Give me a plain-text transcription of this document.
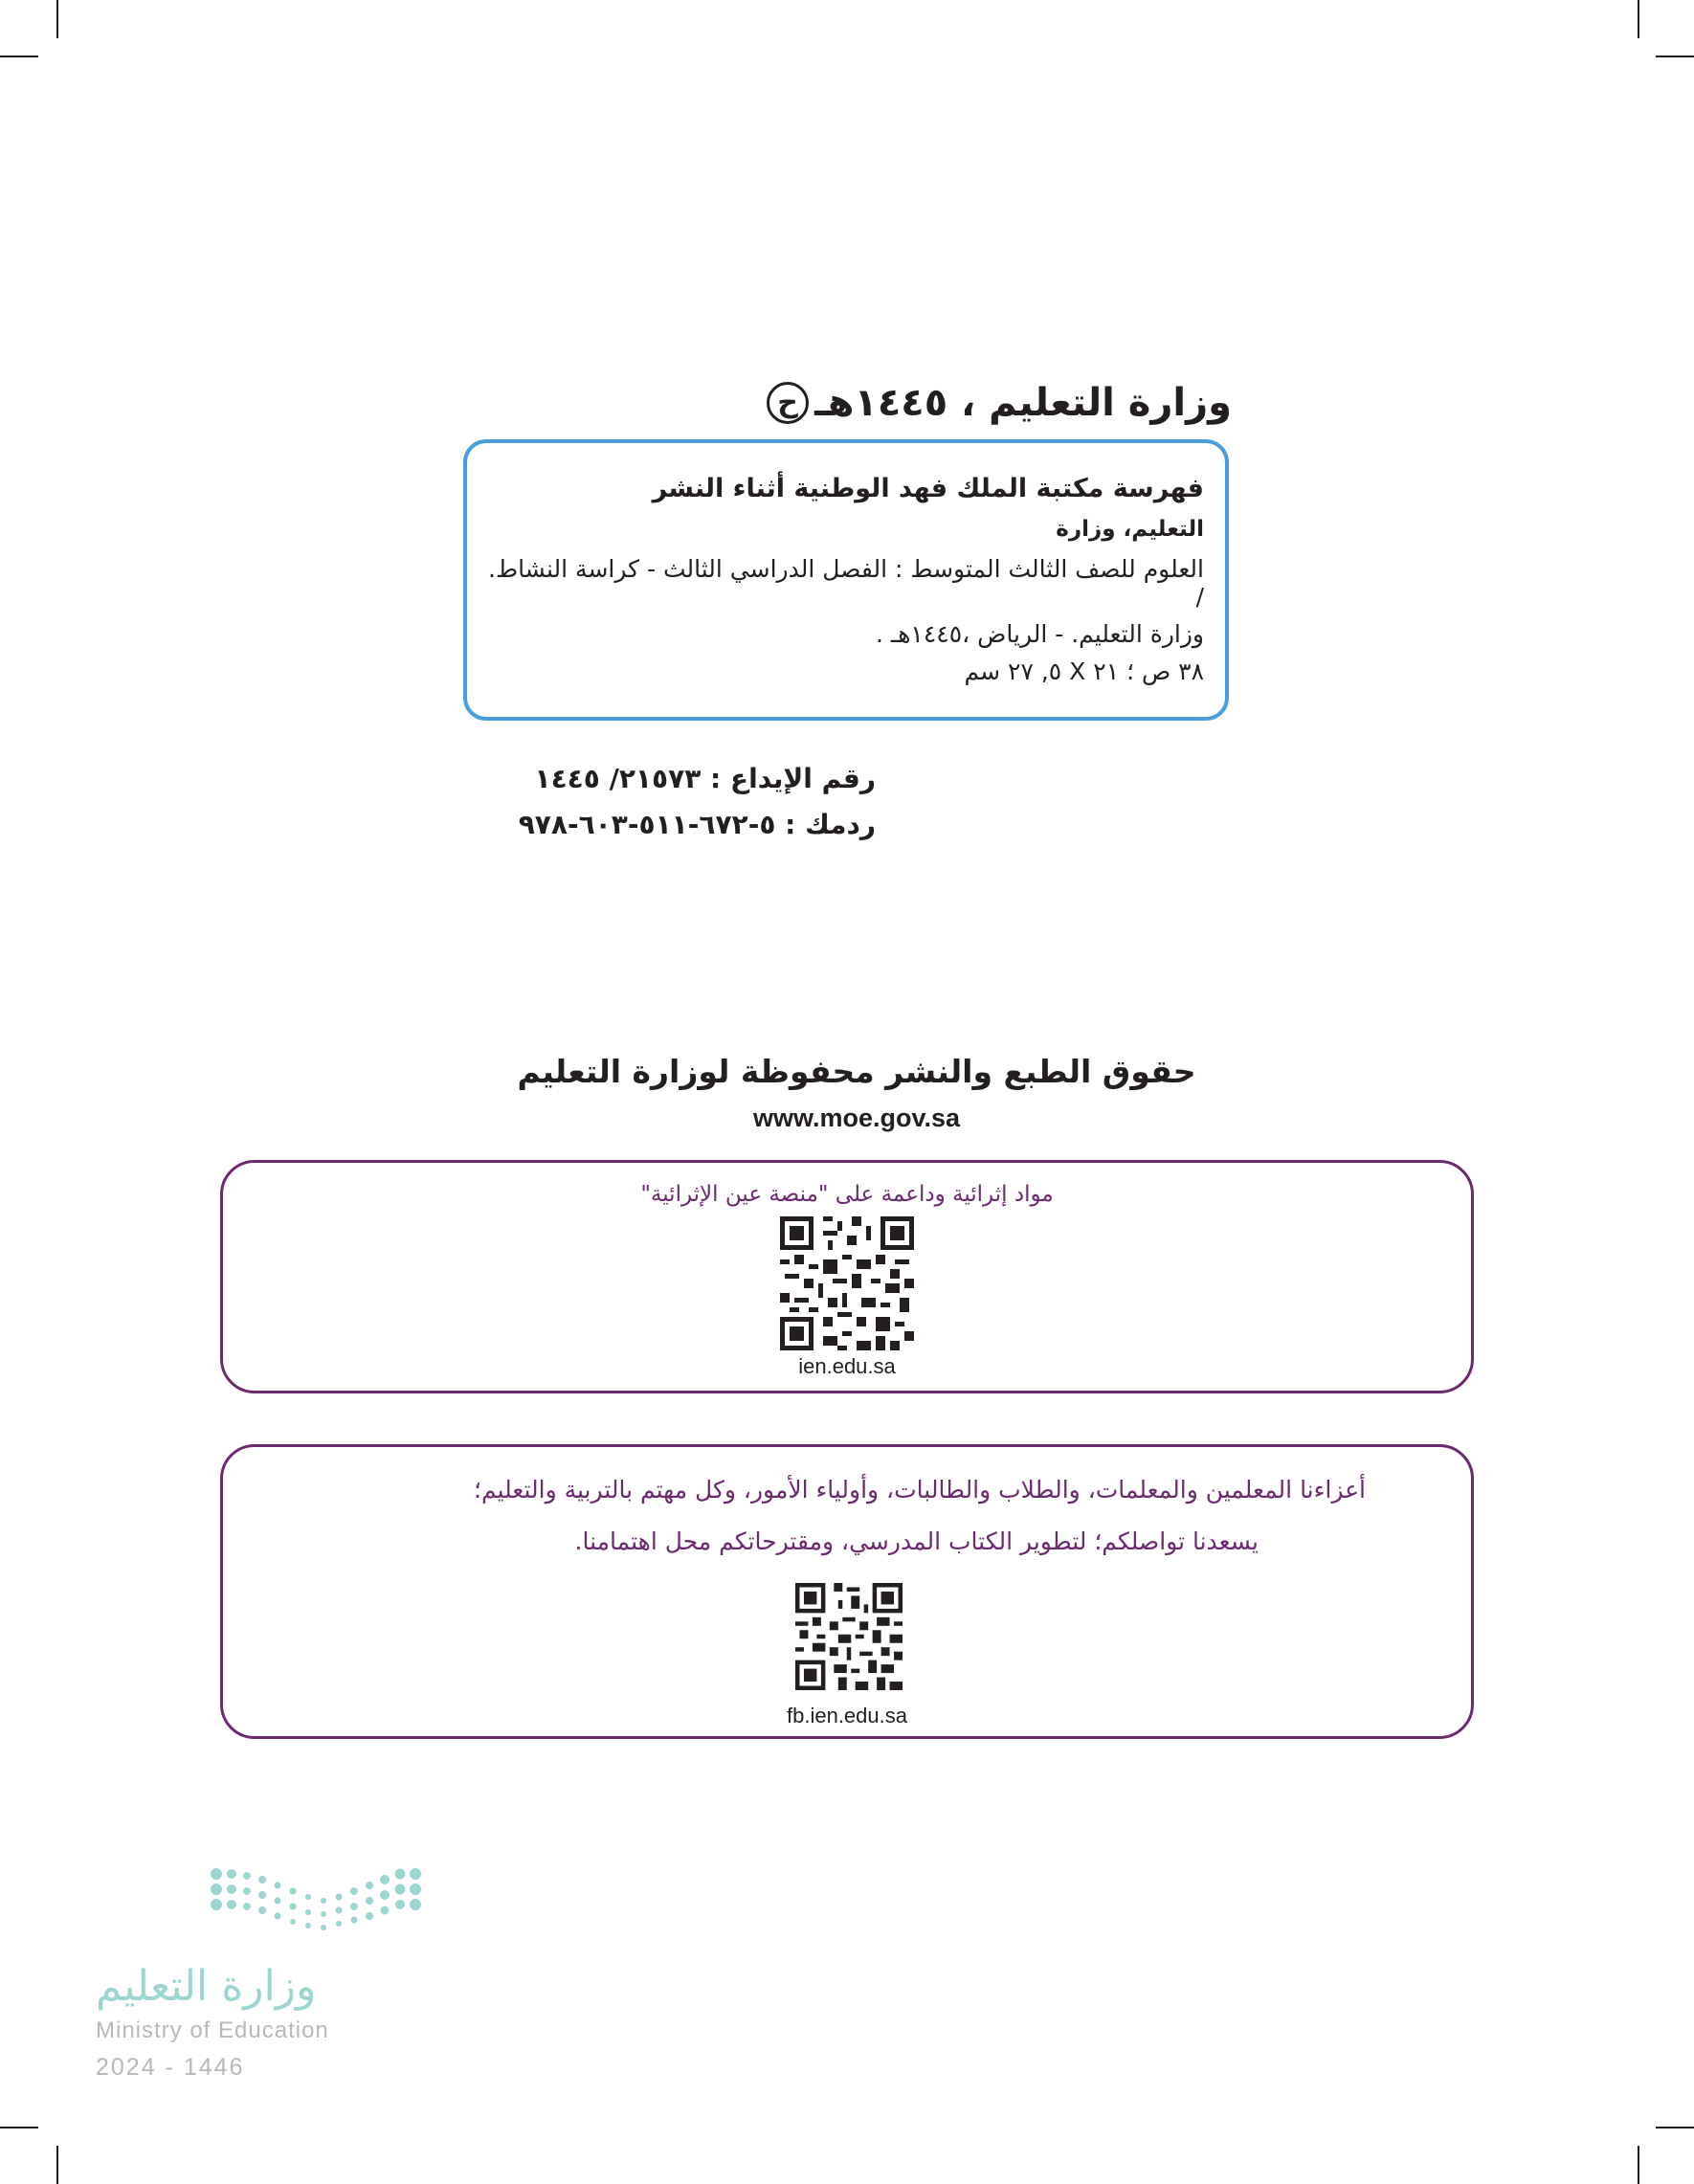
ح وزارة التعليم ، ١٤٤٥هـ
فهرسة مكتبة الملك فهد الوطنية أثناء النشر
التعليم، وزارة
العلوم للصف الثالث المتوسط : الفصل الدراسي الثالث - كراسة النشاط. /
وزارة التعليم. - الرياض ،١٤٤٥هـ .
٣٨ ص ؛ ٢١ X ٥, ٢٧ سم
رقم الإيداع : ٢١٥٧٣/ ١٤٤٥
ردمك : ٥-٦٧٢-٥١١-٦٠٣-٩٧٨
حقوق الطبع والنشر محفوظة لوزارة التعليم
www.moe.gov.sa
مواد إثرائية وداعمة على "منصة عين الإثرائية"
ien.edu.sa
أعزاءنا المعلمين والمعلمات، والطلاب والطالبات، وأولياء الأمور، وكل مهتم بالتربية والتعليم؛
يسعدنا تواصلكم؛ لتطوير الكتاب المدرسي، ومقترحاتكم محل اهتمامنا.
fb.ien.edu.sa
وزارة التعليم
Ministry of Education
2024 - 1446
